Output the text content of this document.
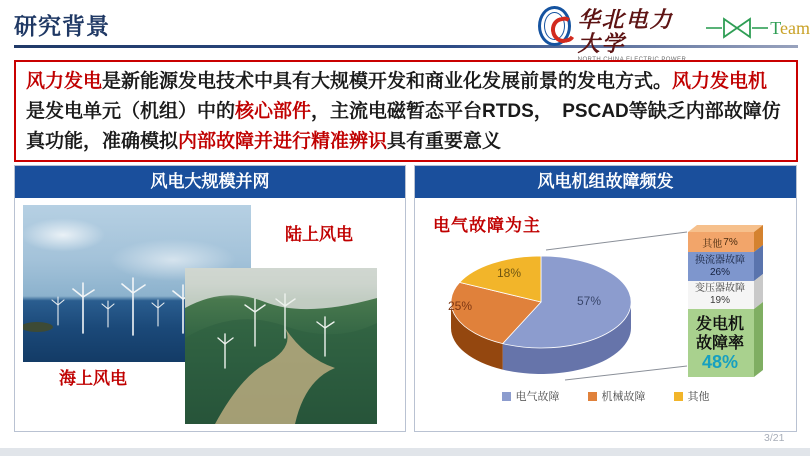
研究背景	华北电力大学
Team
风力发电是新能源发电技术中具有大规模开发和商业化发展前景的发电方式。风力发电机是发电单元（机组）中的核心部件，主流电磁暂态平台RTDS，　PSCAD等缺乏内部故障仿真功能，准确模拟内部故障并进行精准辨识具有重要意义
风电大规模并网
陆上风电
海上风电
风电机组故障频发
电气故障为主
57%
25%
18%
其他 7%
换流器故障
26%
变压器故障
19%
发电机
故障率
48%
电气故障	机械故障	其他
3/21
